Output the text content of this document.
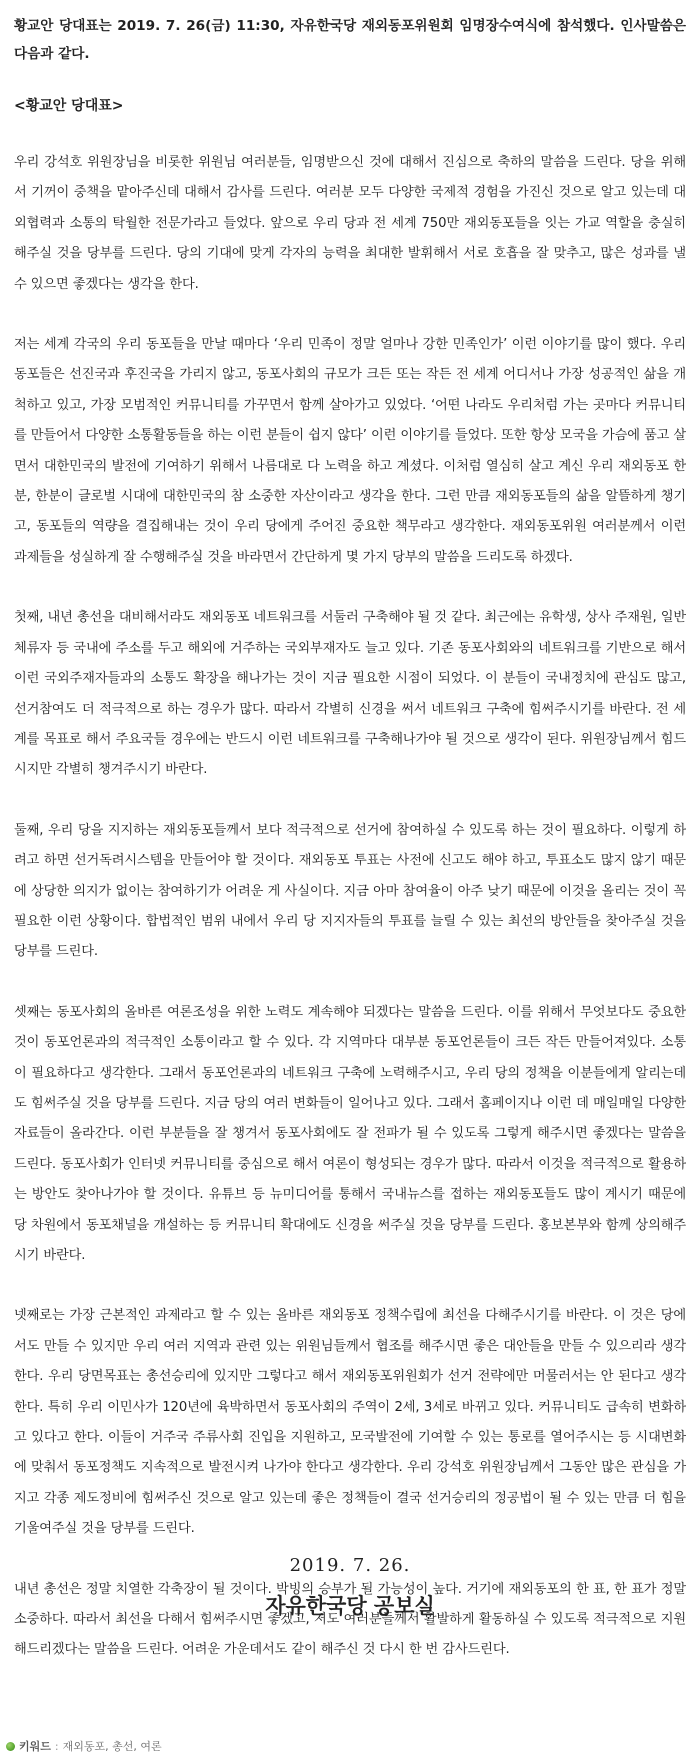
황교안 당대표는 2019. 7. 26(금) 11:30, 자유한국당 재외동포위원회 임명장수여식에 참석했다. 인사말씀은 다음과 같다.

<황교안 당대표>

우리 강석호 위원장님을 비롯한 위원님 여러분들, 임명받으신 것에 대해서 진심으로 축하의 말씀을 드린다. 당을 위해서 기꺼이 중책을 맡아주신데 대해서 감사를 드린다. 여러분 모두 다양한 국제적 경험을 가진신 것으로 알고 있는데 대외협력과 소통의 탁월한 전문가라고 들었다. 앞으로 우리 당과 전 세계 750만 재외동포들을 잇는 가교 역할을 충실히 해주실 것을 당부를 드린다. 당의 기대에 맞게 각자의 능력을 최대한 발휘해서 서로 호흡을 잘 맞추고, 많은 성과를 낼 수 있으면 좋겠다는 생각을 한다.

저는 세계 각국의 우리 동포들을 만날 때마다 ‘우리 민족이 정말 얼마나 강한 민족인가’ 이런 이야기를 많이 했다. 우리 동포들은 선진국과 후진국을 가리지 않고, 동포사회의 규모가 크든 또는 작든 전 세계 어디서나 가장 성공적인 삶을 개척하고 있고, 가장 모범적인 커뮤니티를 가꾸면서 함께 살아가고 있었다. ‘어떤 나라도 우리처럼 가는 곳마다 커뮤니티를 만들어서 다양한 소통활동들을 하는 이런 분들이 쉽지 않다’ 이런 이야기를 들었다. 또한 항상 모국을 가슴에 품고 살면서 대한민국의 발전에 기여하기 위해서 나름대로 다 노력을 하고 계셨다. 이처럼 열심히 살고 계신 우리 재외동포 한분, 한분이 글로벌 시대에 대한민국의 참 소중한 자산이라고 생각을 한다. 그런 만큼 재외동포들의 삶을 알뜰하게 챙기고, 동포들의 역량을 결집해내는 것이 우리 당에게 주어진 중요한 책무라고 생각한다. 재외동포위원 여러분께서 이런 과제들을 성실하게 잘 수행해주실 것을 바라면서 간단하게 몇 가지 당부의 말씀을 드리도록 하겠다.

첫째, 내년 총선을 대비해서라도 재외동포 네트워크를 서둘러 구축해야 될 것 같다. 최근에는 유학생, 상사 주재원, 일반 체류자 등 국내에 주소를 두고 해외에 거주하는 국외부재자도 늘고 있다. 기존 동포사회와의 네트워크를 기반으로 해서 이런 국외주재자들과의 소통도 확장을 해나가는 것이 지금 필요한 시점이 되었다. 이 분들이 국내정치에 관심도 많고, 선거참여도 더 적극적으로 하는 경우가 많다. 따라서 각별히 신경을 써서 네트워크 구축에 힘써주시기를 바란다. 전 세계를 목표로 해서 주요국들 경우에는 반드시 이런 네트워크를 구축해나가야 될 것으로 생각이 된다. 위원장님께서 힘드시지만 각별히 챙겨주시기 바란다.

둘째, 우리 당을 지지하는 재외동포들께서 보다 적극적으로 선거에 참여하실 수 있도록 하는 것이 필요하다. 이렇게 하려고 하면 선거독려시스템을 만들어야 할 것이다. 재외동포 투표는 사전에 신고도 해야 하고, 투표소도 많지 않기 때문에 상당한 의지가 없이는 참여하기가 어려운 게 사실이다. 지금 아마 참여율이 아주 낮기 때문에 이것을 올리는 것이 꼭 필요한 이런 상황이다. 합법적인 범위 내에서 우리 당 지지자들의 투표를 늘릴 수 있는 최선의 방안들을 찾아주실 것을 당부를 드린다.

셋째는 동포사회의 올바른 여론조성을 위한 노력도 계속해야 되겠다는 말씀을 드린다. 이를 위해서 무엇보다도 중요한 것이 동포언론과의 적극적인 소통이라고 할 수 있다. 각 지역마다 대부분 동포언론들이 크든 작든 만들어져있다. 소통이 필요하다고 생각한다. 그래서 동포언론과의 네트워크 구축에 노력해주시고, 우리 당의 정책을 이분들에게 알리는데도 힘써주실 것을 당부를 드린다. 지금 당의 여러 변화들이 일어나고 있다. 그래서 홈페이지나 이런 데 매일매일 다양한 자료들이 올라간다. 이런 부분들을 잘 챙겨서 동포사회에도 잘 전파가 될 수 있도록 그렇게 해주시면 좋겠다는 말씀을 드린다. 동포사회가 인터넷 커뮤니티를 중심으로 해서 여론이 형성되는 경우가 많다. 따라서 이것을 적극적으로 활용하는 방안도 찾아나가야 할 것이다. 유튜브 등 뉴미디어를 통해서 국내뉴스를 접하는 재외동포들도 많이 계시기 때문에 당 차원에서 동포채널을 개설하는 등 커뮤니티 확대에도 신경을 써주실 것을 당부를 드린다. 홍보본부와 함께 상의해주시기 바란다.

넷째로는 가장 근본적인 과제라고 할 수 있는 올바른 재외동포 정책수립에 최선을 다해주시기를 바란다. 이 것은 당에서도 만들 수 있지만 우리 여러 지역과 관련 있는 위원님들께서 협조를 해주시면 좋은 대안들을 만들 수 있으리라 생각한다. 우리 당면목표는 총선승리에 있지만 그렇다고 해서 재외동포위원회가 선거 전략에만 머물러서는 안 된다고 생각한다. 특히 우리 이민사가 120년에 육박하면서 동포사회의 주역이 2세, 3세로 바뀌고 있다. 커뮤니티도 급속히 변화하고 있다고 한다. 이들이 거주국 주류사회 진입을 지원하고, 모국발전에 기여할 수 있는 통로를 열어주시는 등 시대변화에 맞춰서 동포정책도 지속적으로 발전시켜 나가야 한다고 생각한다. 우리 강석호 위원장님께서 그동안 많은 관심을 가지고 각종 제도정비에 힘써주신 것으로 알고 있는데 좋은 정책들이 결국 선거승리의 정공법이 될 수 있는 만큼 더 힘을 기울여주실 것을 당부를 드린다.

내년 총선은 정말 치열한 각축장이 될 것이다. 박빙의 승부가 될 가능성이 높다. 거기에 재외동포의 한 표, 한 표가 정말 소중하다. 따라서 최선을 다해서 힘써주시면 좋겠고, 저도 여러분들께서 활발하게 활동하실 수 있도록 적극적으로 지원해드리겠다는 말씀을 드린다. 어려운 가운데서도 같이 해주신 것 다시 한 번 감사드린다.

2019. 7. 26.
자유한국당 공보실
키워드 : 재외동포, 총선, 여론
